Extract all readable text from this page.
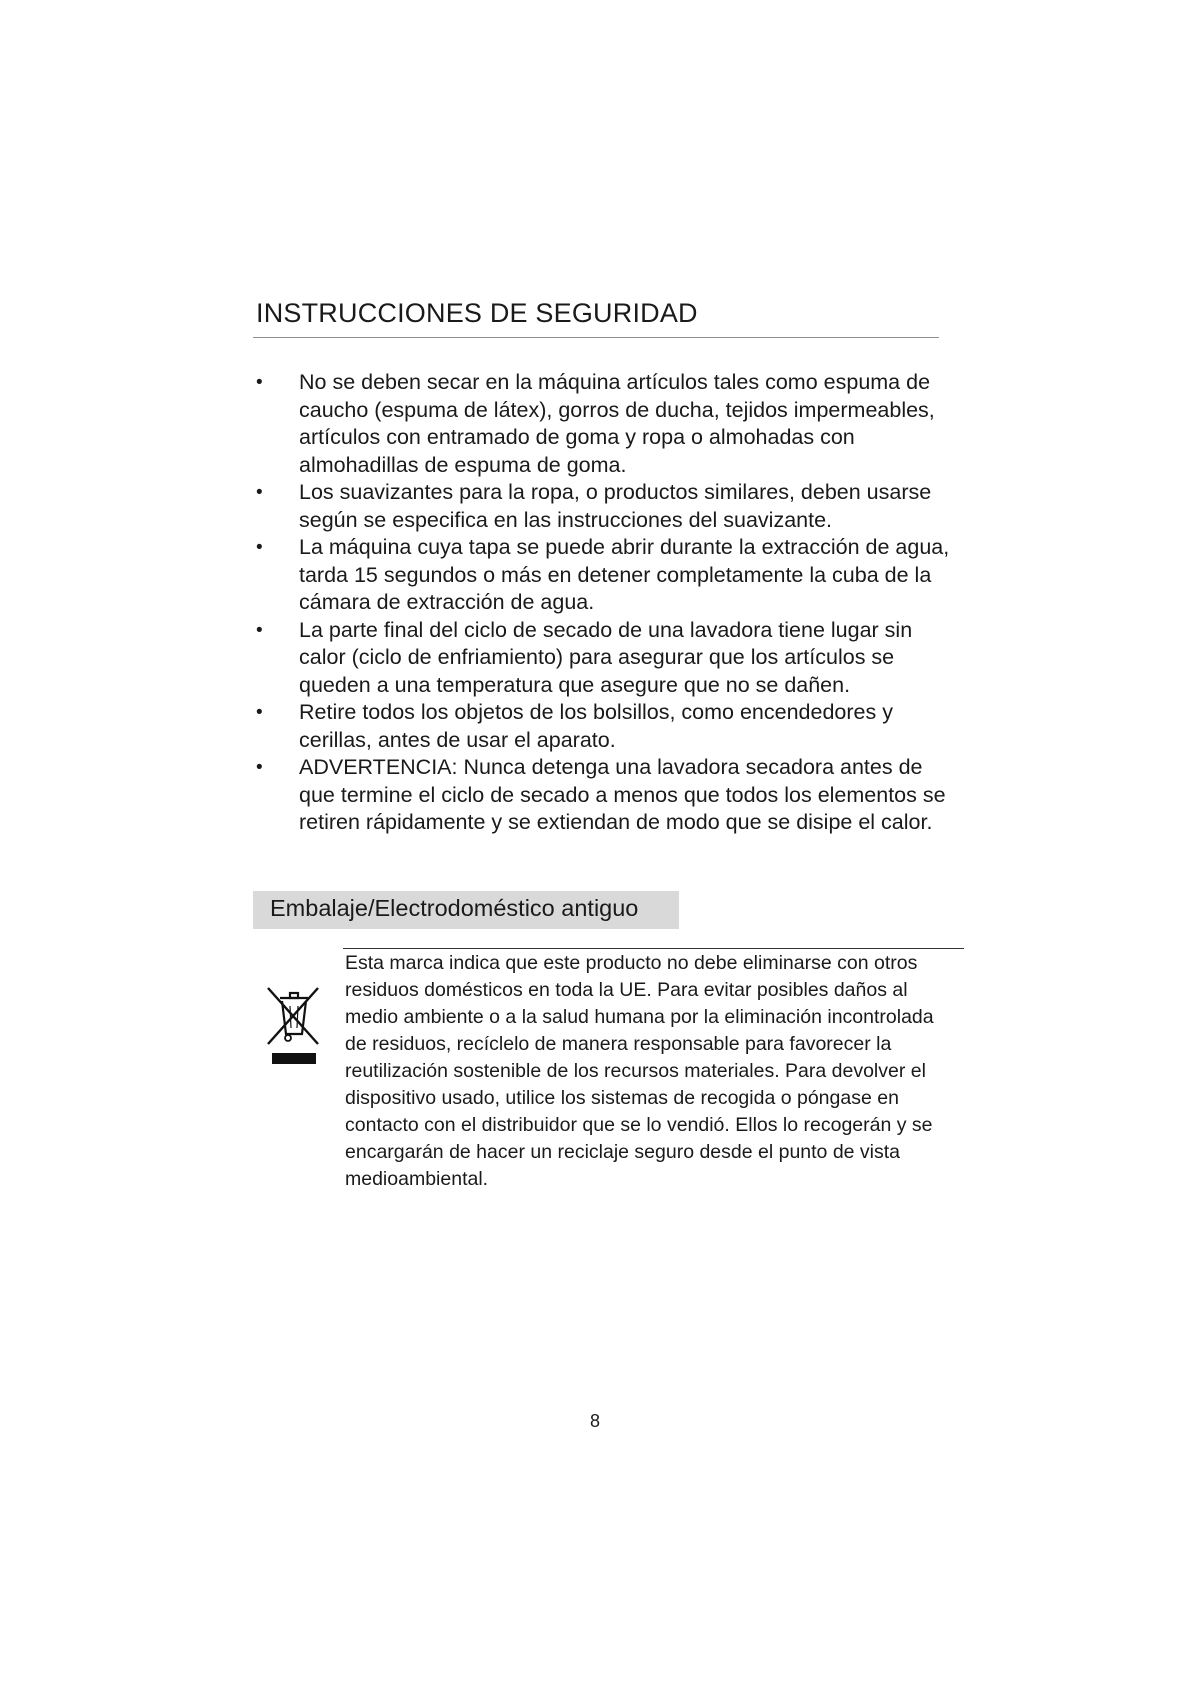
INSTRUCCIONES DE SEGURIDAD
• No se deben secar en la máquina artículos tales como espuma de caucho (espuma de látex), gorros de ducha, tejidos impermeables, artículos con entramado de goma y ropa o almohadas con almohadillas de espuma de goma.
• Los suavizantes para la ropa, o productos similares, deben usarse según se especifica en las instrucciones del suavizante.
• La máquina cuya tapa se puede abrir durante la extracción de agua, tarda 15 segundos o más en detener completamente la cuba de la cámara de extracción de agua.
• La parte final del ciclo de secado de una lavadora tiene lugar sin calor (ciclo de enfriamiento) para asegurar que los artículos se queden a una temperatura que asegure que no se dañen.
• Retire todos los objetos de los bolsillos, como encendedores y cerillas, antes de usar el aparato.
• ADVERTENCIA: Nunca detenga una lavadora secadora antes de que termine el ciclo de secado a menos que todos los elementos se retiren rápidamente y se extiendan de modo que se disipe el calor.
Embalaje/Electrodoméstico antiguo

Esta marca indica que este producto no debe eliminarse con otros
residuos domésticos en toda la UE. Para evitar posibles daños al
medio ambiente o a la salud humana por la eliminación incontrolada
de residuos, recíclelo de manera responsable para favorecer la
reutilización sostenible de los recursos materiales. Para devolver el
dispositivo usado, utilice los sistemas de recogida o póngase en
contacto con el distribuidor que se lo vendió. Ellos lo recogerán y se
encargarán de hacer un reciclaje seguro desde el punto de vista
medioambiental.

8
